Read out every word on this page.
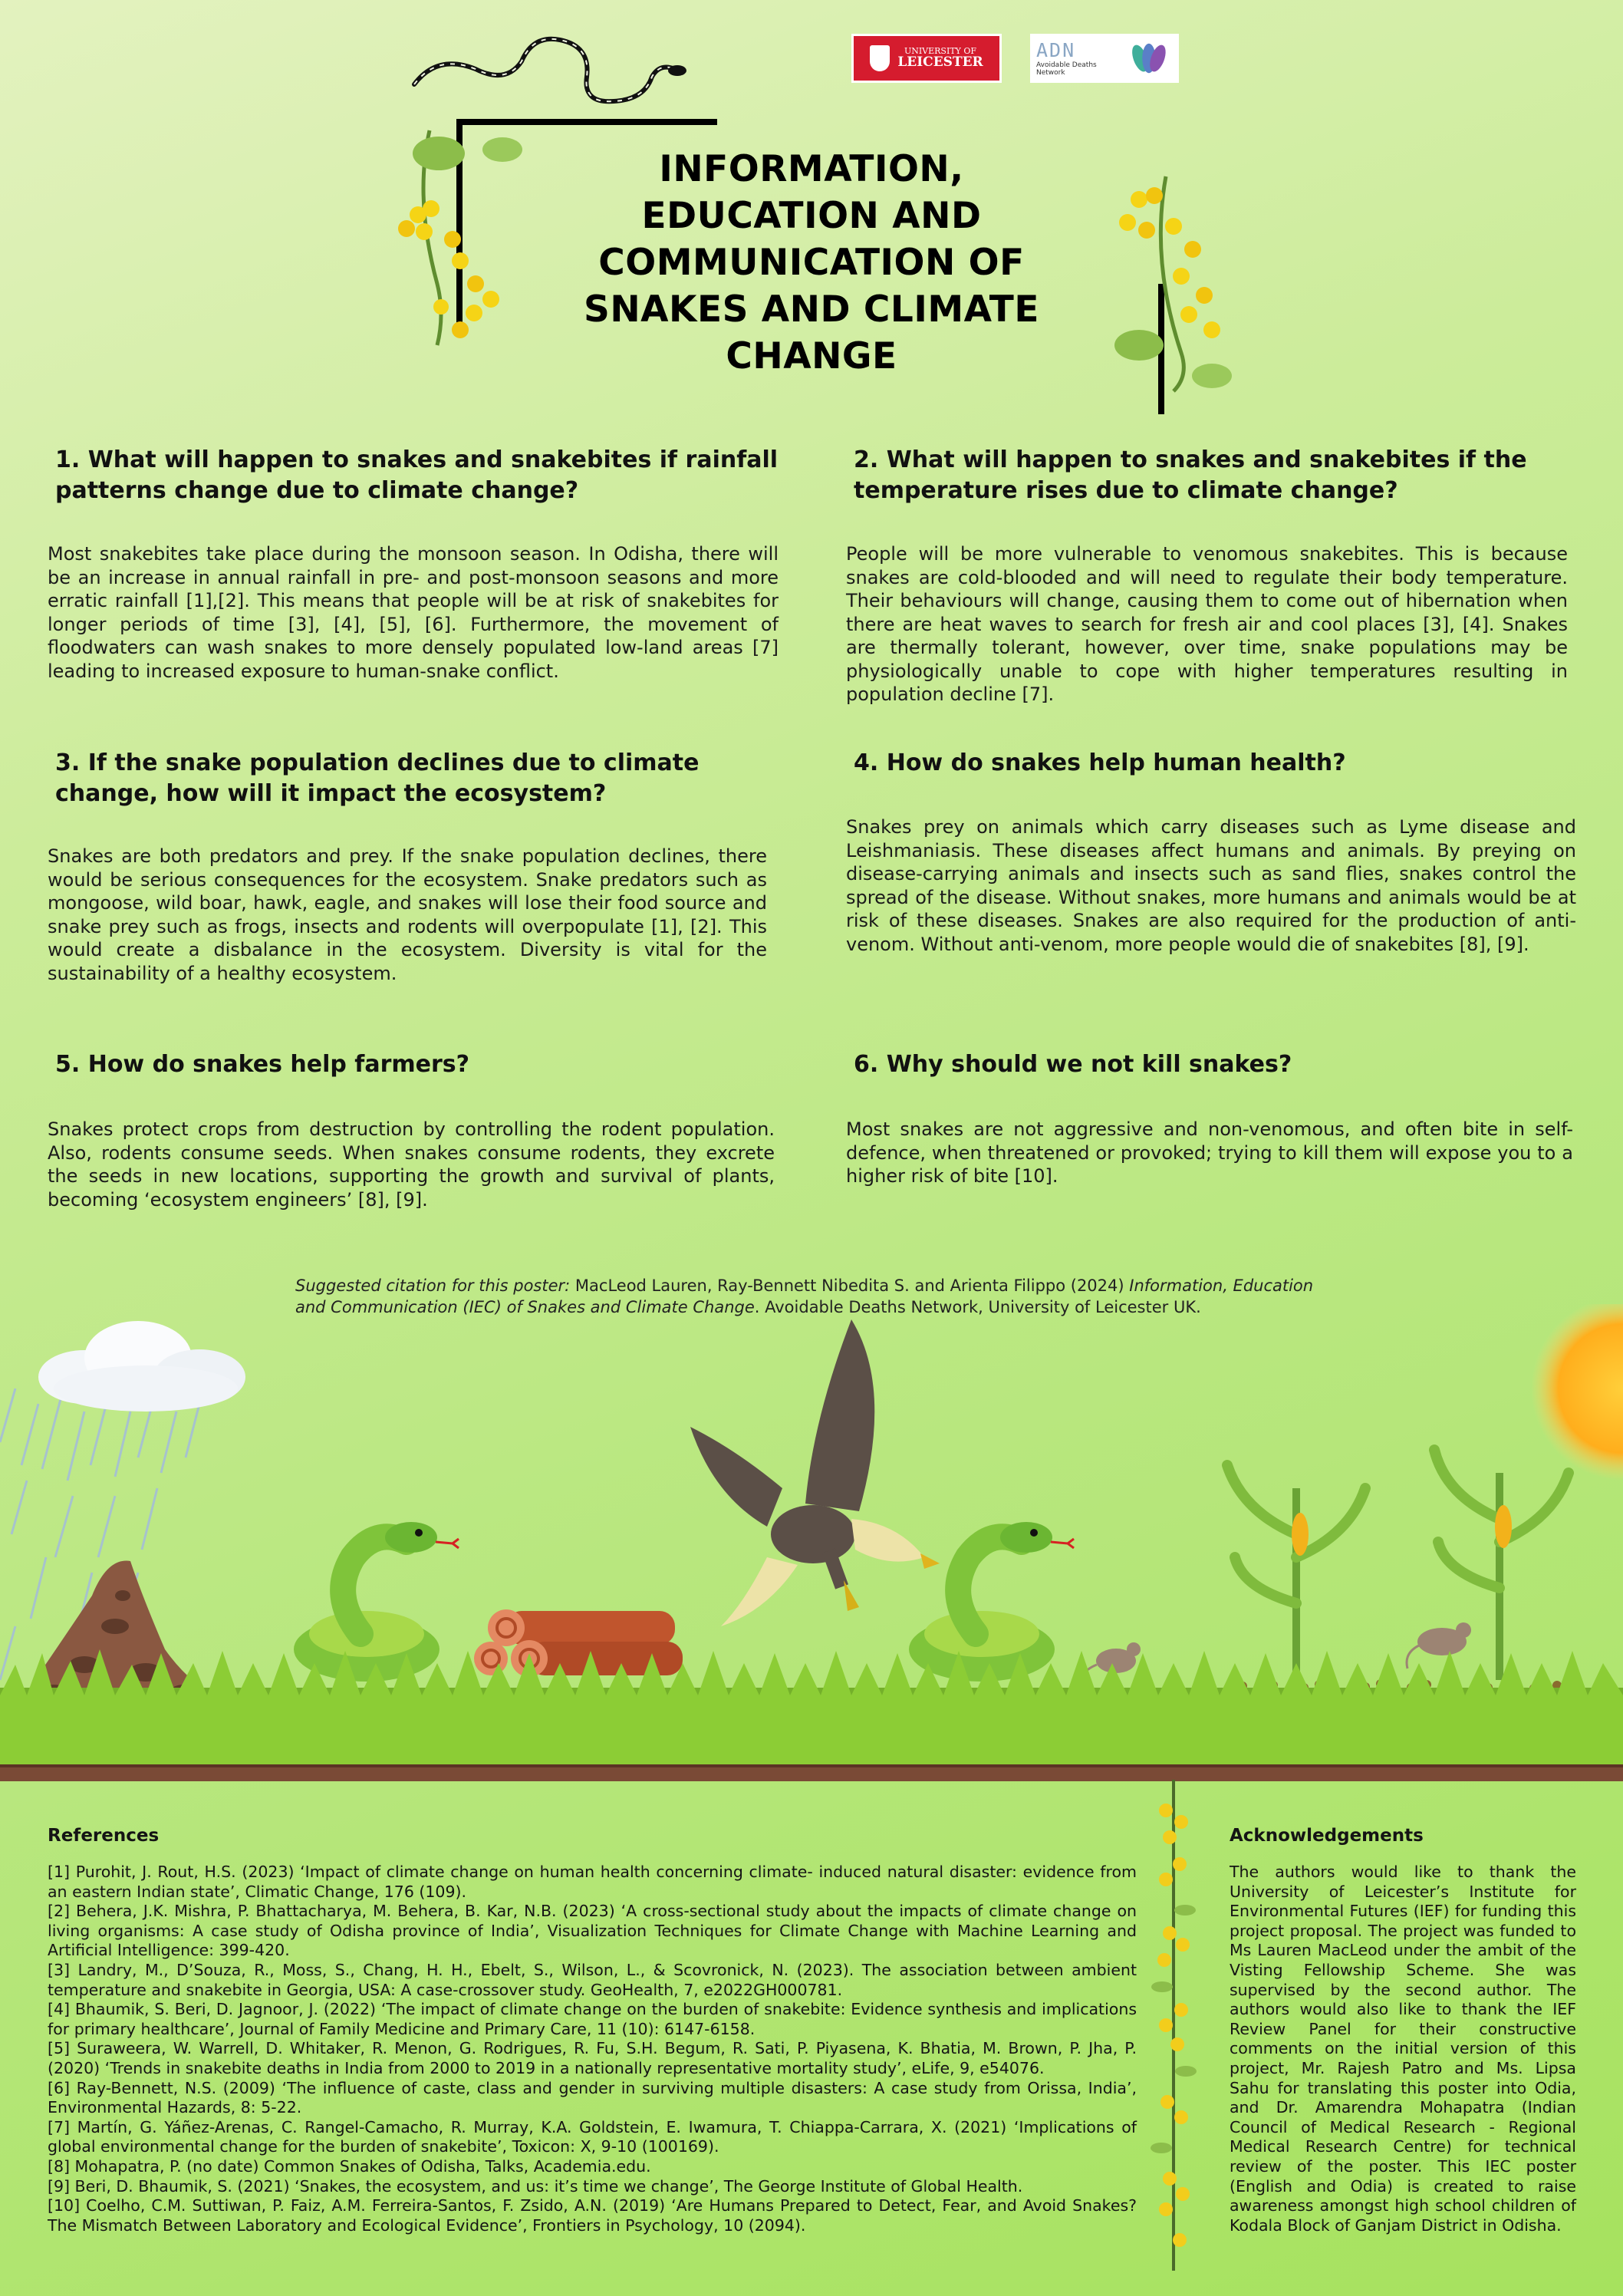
UNIVERSITY OF
LEICESTER
ADN
Avoidable Deaths Network
INFORMATION, EDUCATION AND COMMUNICATION OF SNAKES AND CLIMATE CHANGE
1. What will happen to snakes and snakebites if rainfall patterns change due to climate change?
Most snakebites take place during the monsoon season. In Odisha, there will be an increase in annual rainfall in pre- and post-monsoon seasons and more erratic rainfall [1],[2]. This means that people will be at risk of snakebites for longer periods of time [3], [4], [5], [6]. Furthermore, the movement of floodwaters can wash snakes to more densely populated low-land areas [7] leading to increased exposure to human-snake conflict.
2. What will happen to snakes and snakebites if the temperature rises due to climate change?
People will be more vulnerable to venomous snakebites. This is because snakes are cold-blooded and will need to regulate their body temperature. Their behaviours will change, causing them to come out of hibernation when there are heat waves to search for fresh air and cool places [3], [4]. Snakes are thermally tolerant, however, over time, snake populations may be physiologically unable to cope with higher temperatures resulting in population decline [7].
3. If the snake population declines due to climate change, how will it impact the ecosystem?
Snakes are both predators and prey. If the snake population declines, there would be serious consequences for the ecosystem. Snake predators such as mongoose, wild boar, hawk, eagle, and snakes will lose their food source and snake prey such as frogs, insects and rodents will overpopulate [1], [2]. This would create a disbalance in the ecosystem. Diversity is vital for the sustainability of a healthy ecosystem.
4. How do snakes help human health?
Snakes prey on animals which carry diseases such as Lyme disease and Leishmaniasis. These diseases affect humans and animals. By preying on disease-carrying animals and insects such as sand flies, snakes control the spread of the disease. Without snakes, more humans and animals would be at risk of these diseases. Snakes are also required for the production of anti-venom. Without anti-venom, more people would die of snakebites [8], [9].
5. How do snakes help farmers?
Snakes protect crops from destruction by controlling the rodent population. Also, rodents consume seeds. When snakes consume rodents, they excrete the seeds in new locations, supporting the growth and survival of plants, becoming ‘ecosystem engineers’ [8], [9].
6. Why should we not kill snakes?
Most snakes are not aggressive and non-venomous, and often bite in self-defence, when threatened or provoked; trying to kill them will expose you to a higher risk of bite [10].
Suggested citation for this poster: MacLeod Lauren, Ray-Bennett Nibedita S. and Arienta Filippo (2024) Information, Education and Communication (IEC) of Snakes and Climate Change. Avoidable Deaths Network, University of Leicester UK.
References

[1] Purohit, J. Rout, H.S. (2023) ‘Impact of climate change on human health concerning climate- induced natural disaster: evidence from an eastern Indian state’, Climatic Change, 176 (109).

[2] Behera, J.K. Mishra, P. Bhattacharya, M. Behera, B. Kar, N.B. (2023) ‘A cross-sectional study about the impacts of climate change on living organisms: A case study of Odisha province of India’, Visualization Techniques for Climate Change with Machine Learning and Artificial Intelligence: 399-420.

[3] Landry, M., D’Souza, R., Moss, S., Chang, H. H., Ebelt, S., Wilson, L., & Scovronick, N. (2023). The association between ambient temperature and snakebite in Georgia, USA: A case-crossover study. GeoHealth, 7, e2022GH000781.

[4] Bhaumik, S. Beri, D. Jagnoor, J. (2022) ‘The impact of climate change on the burden of snakebite: Evidence synthesis and implications for primary healthcare’, Journal of Family Medicine and Primary Care, 11 (10): 6147-6158.

[5] Suraweera, W. Warrell, D. Whitaker, R. Menon, G. Rodrigues, R. Fu, S.H. Begum, R. Sati, P. Piyasena, K. Bhatia, M. Brown, P. Jha, P. (2020) ‘Trends in snakebite deaths in India from 2000 to 2019 in a nationally representative mortality study’, eLife, 9, e54076.

[6] Ray-Bennett, N.S. (2009) ‘The influence of caste, class and gender in surviving multiple disasters: A case study from Orissa, India’, Environmental Hazards, 8: 5-22.

[7] Martín, G. Yáñez-Arenas, C. Rangel-Camacho, R. Murray, K.A. Goldstein, E. Iwamura, T. Chiappa-Carrara, X. (2021) ‘Implications of global environmental change for the burden of snakebite’, Toxicon: X, 9-10 (100169).

[8] Mohapatra, P. (no date) Common Snakes of Odisha, Talks, Academia.edu.

[9] Beri, D. Bhaumik, S. (2021) ‘Snakes, the ecosystem, and us: it’s time we change’, The George Institute of Global Health.

[10] Coelho, C.M. Suttiwan, P. Faiz, A.M. Ferreira-Santos, F. Zsido, A.N. (2019) ‘Are Humans Prepared to Detect, Fear, and Avoid Snakes? The Mismatch Between Laboratory and Ecological Evidence’, Frontiers in Psychology, 10 (2094).

Acknowledgements
The authors would like to thank the University of Leicester’s Institute for Environmental Futures (IEF) for funding this project proposal. The project was funded to Ms Lauren MacLeod under the ambit of the Visting Fellowship Scheme. She was supervised by the second author. The authors would also like to thank the IEF Review Panel for their constructive comments on the initial version of this project, Mr. Rajesh Patro and Ms. Lipsa Sahu for translating this poster into Odia, and Dr. Amarendra Mohapatra (Indian Council of Medical Research - Regional Medical Research Centre) for technical review of the poster. This IEC poster (English and Odia) is created to raise awareness amongst high school children of Kodala Block of Ganjam District in Odisha.
